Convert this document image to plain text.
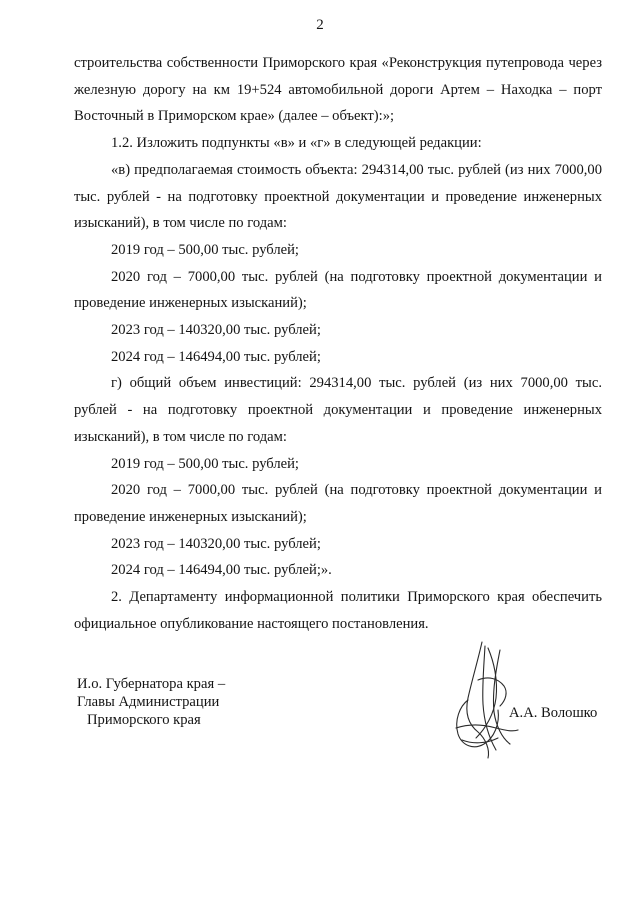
2

строительства собственности Приморского края «Реконструкция путепровода через железную дорогу на км 19+524 автомобильной дороги Артем – Находка – порт Восточный в Приморском крае» (далее – объект):»;

1.2. Изложить подпункты «в» и «г» в следующей редакции:

«в) предполагаемая стоимость объекта: 294314,00 тыс. рублей (из них 7000,00 тыс. рублей - на подготовку проектной документации и проведение инженерных изысканий), в том числе по годам:

2019 год – 500,00 тыс. рублей;

2020 год – 7000,00 тыс. рублей (на подготовку проектной документации и проведение инженерных изысканий);

2023 год – 140320,00 тыс. рублей;

2024 год – 146494,00 тыс. рублей;

г) общий объем инвестиций: 294314,00 тыс. рублей (из них 7000,00 тыс. рублей - на подготовку проектной документации и проведение инженерных изысканий), в том числе по годам:

2019 год – 500,00 тыс. рублей;

2020 год – 7000,00 тыс. рублей (на подготовку проектной документации и проведение инженерных изысканий);

2023 год – 140320,00 тыс. рублей;

2024 год – 146494,00 тыс. рублей;».

2. Департаменту информационной политики Приморского края обеспечить официальное опубликование настоящего постановления.

И.о. Губернатора края –
Главы Администрации
Приморского края	А.А. Волошко
